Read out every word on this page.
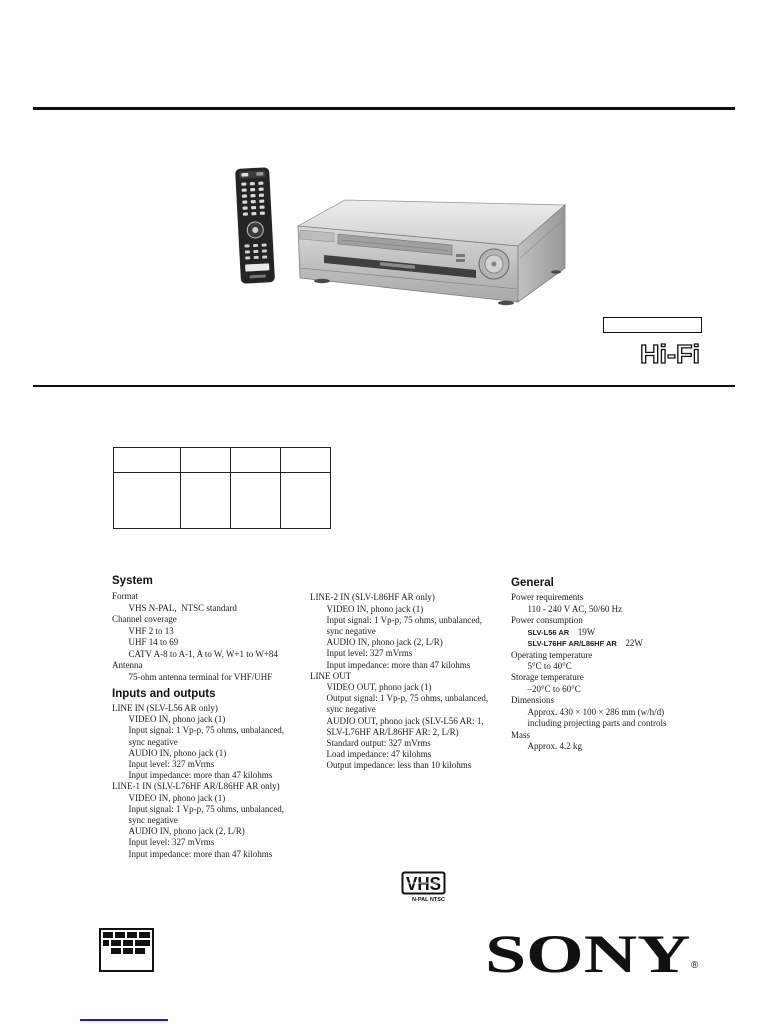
Hi-Fi

System
Format
VHS N-PAL,  NTSC standard
Channel coverage
VHF 2 to 13
UHF 14 to 69
CATV A-8 to A-1, A to W, W+1 to W+84
Antenna
75-ohm antenna terminal for VHF/UHF
Inputs and outputs
LINE IN (SLV-L56 AR only)
VIDEO IN, phono jack (1)
Input signal: 1 Vp-p, 75 ohms, unbalanced,
sync negative
AUDIO IN, phono jack (1)
Input level: 327 mVrms
Input impedance: more than 47 kilohms
LINE-1 IN (SLV-L76HF AR/L86HF AR only)
VIDEO IN, phono jack (1)
Input signal: 1 Vp-p, 75 ohms, unbalanced,
sync negative
AUDIO IN, phono jack (2, L/R)
Input level: 327 mVrms
Input impedance: more than 47 kilohms
LINE-2 IN (SLV-L86HF AR only)
VIDEO IN, phono jack (1)
Input signal: 1 Vp-p, 75 ohms, unbalanced,
sync negative
AUDIO IN, phono jack (2, L/R)
Input level: 327 mVrms
Input impedance: more than 47 kilohms
LINE OUT
VIDEO OUT, phono jack (1)
Output signal: 1 Vp-p, 75 ohms, unbalanced,
sync negative
AUDIO OUT, phono jack (SLV-L56 AR: 1,
SLV-L76HF AR/L86HF AR: 2, L/R)
Standard output: 327 mVrms
Load impedance: 47 kilohms
Output impedance: less than 10 kilohms
General
Power requirements
110 - 240 V AC, 50/60 Hz
Power consumption
SLV-L56 AR 19W
SLV-L76HF AR/L86HF AR 22W
Operating temperature
5°C to 40°C
Storage temperature
–20°C to 60°C
Dimensions
Approx. 430 × 100 × 286 mm (w/h/d)
including projecting parts and controls
Mass
Approx. 4.2 kg
VHS
N-PAL NTSC
SONY ®
